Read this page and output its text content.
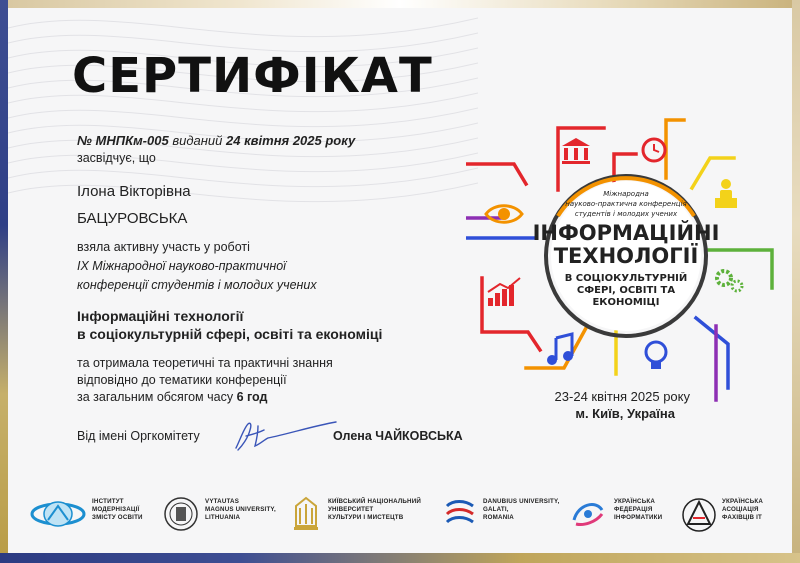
СЕРТИФІКАТ
№ МНПКм-005 виданий 24 квітня 2025 року
засвідчує, що
Ілона Вікторівна
БАЦУРОВСЬКА
взяла активну участь у роботі
ІХ Міжнародної науково-практичної
конференції студентів і молодих учених
Інформаційні технології
в соціокультурній сфері, освіті та економіці
та отримала теоретичні та практичні знання
відповідно до тематики конференції
за загальним обсягом часу 6 год
Від імені Оргкомітету	Олена ЧАЙКОВСЬКА
Міжнародна
науково-практична конференція
студентів і молодих учених
ІНФОРМАЦІЙНІ
ТЕХНОЛОГІЇ
В СОЦІОКУЛЬТУРНІЙ
СФЕРІ, ОСВІТІ ТА
ЕКОНОМІЦІ
23-24 квітня 2025 року
м. Київ, Україна
ІНСТИТУТ
МОДЕРНІЗАЦІЇ
ЗМІСТУ ОСВІТИ
VYTAUTAS
MAGNUS UNIVERSITY,
LITHUANIA
КИЇВСЬКИЙ НАЦІОНАЛЬНИЙ
УНІВЕРСИТЕТ
КУЛЬТУРИ І МИСТЕЦТВ
DANUBIUS UNIVERSITY,
GALATI,
ROMANIA
УКРАЇНСЬКА
ФЕДЕРАЦІЯ
ІНФОРМАТИКИ
УКРАЇНСЬКА
АСОЦІАЦІЯ
ФАХІВЦІВ ІТ
